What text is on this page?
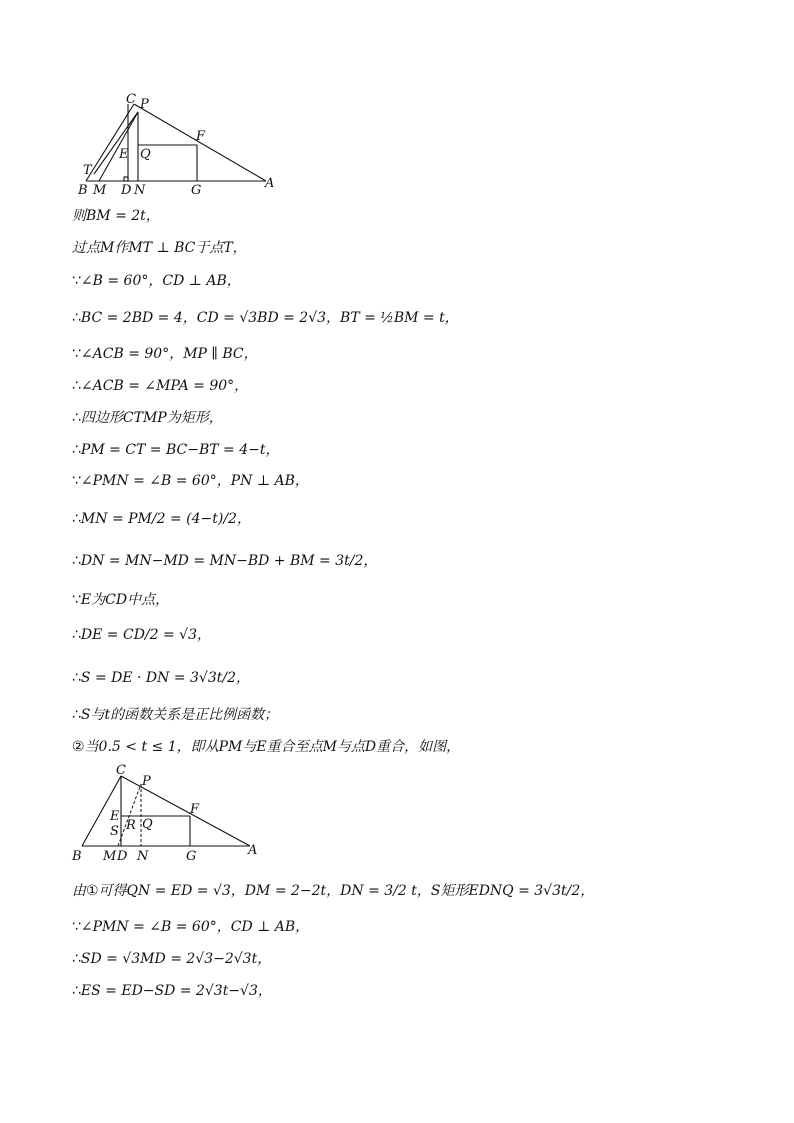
C P
F
E Q
T
B M D N	G	A
则BM = 2t，
过点M作MT ⊥ BC于点T，
∵∠B = 60°，CD ⊥ AB，
∴BC = 2BD = 4，CD = √3BD = 2√3，BT = ½BM = t，
∵∠ACB = 90°，MP ∥ BC，
∴∠ACB = ∠MPA = 90°，
∴四边形CTMP为矩形，
∴PM = CT = BC−BT = 4−t，
∵∠PMN = ∠B = 60°，PN ⊥ AB，
∴MN = PM/2 = (4−t)/2，
∴DN = MN−MD = MN−BD + BM = 3t/2，
∵E为CD中点，
∴DE = CD/2 = √3，
∴S = DE · DN = 3√3t/2，
∴S与t的函数关系是正比例函数；
②当0.5 < t ≤ 1，即从PM与E重合至点M与点D重合，如图，
C
P
F
E
S R Q
B M D N	G	A
由①可得QN = ED = √3，DM = 2−2t，DN = 3/2 t，S矩形EDNQ = 3√3t/2，
∵∠PMN = ∠B = 60°，CD ⊥ AB，
∴SD = √3MD = 2√3−2√3t，
∴ES = ED−SD = 2√3t−√3，
